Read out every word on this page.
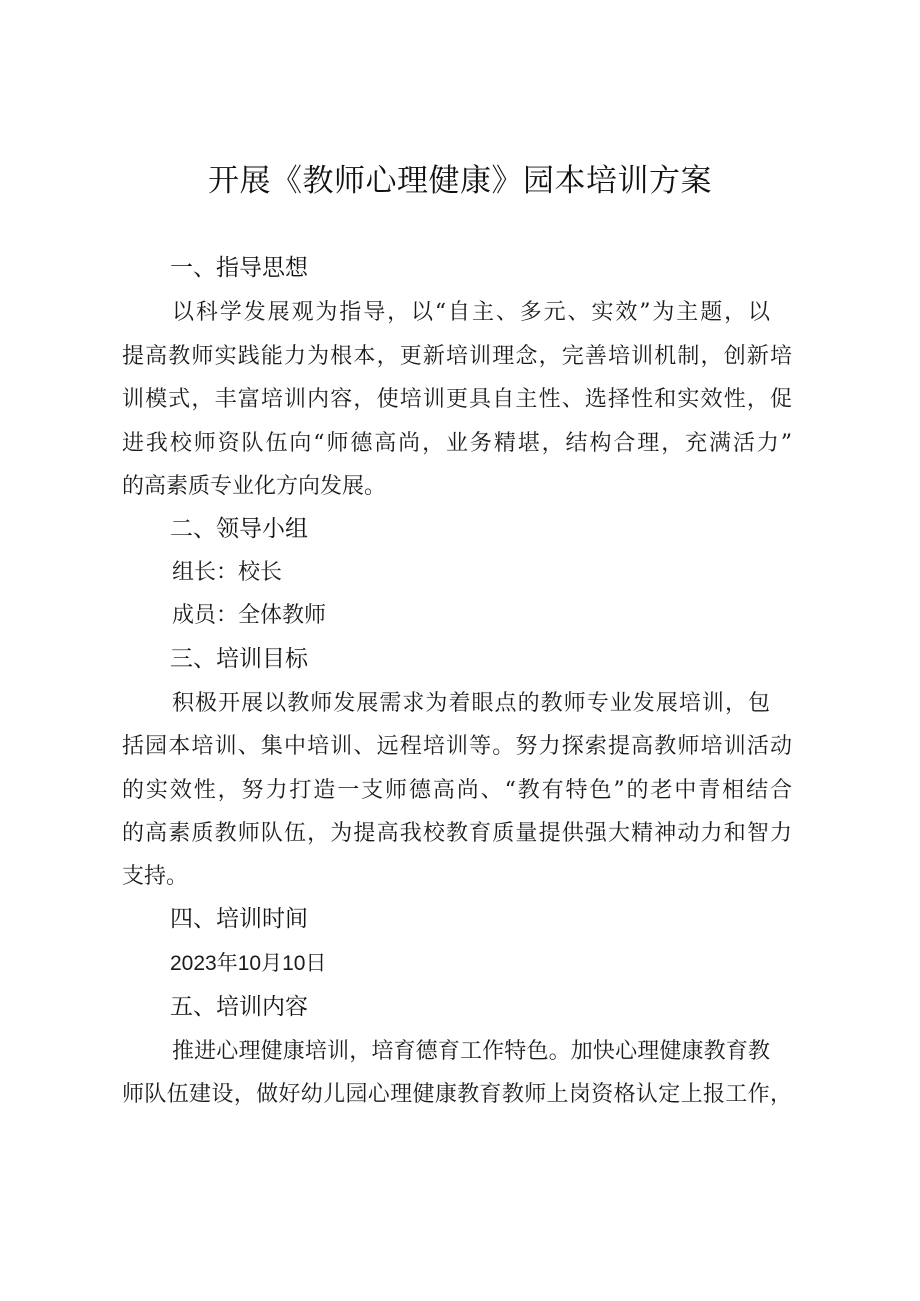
开展《教师心理健康》园本培训方案
一、指导思想
以科学发展观为指导，以“自主、多元、实效”为主题，以
提高教师实践能力为根本，更新培训理念，完善培训机制，创新培
训模式，丰富培训内容，使培训更具自主性、选择性和实效性，促
进我校师资队伍向“师德高尚，业务精堪，结构合理，充满活力”
的高素质专业化方向发展。
二、领导小组
组长：校长
成员：全体教师
三、培训目标
积极开展以教师发展需求为着眼点的教师专业发展培训，包
括园本培训、集中培训、远程培训等。努力探索提高教师培训活动
的实效性，努力打造一支师德高尚、“教有特色”的老中青相结合
的高素质教师队伍，为提高我校教育质量提供强大精神动力和智力
支持。
四、培训时间
2023年10月10日
五、培训内容
推进心理健康培训，培育德育工作特色。加快心理健康教育教
师队伍建设，做好幼儿园心理健康教育教师上岗资格认定上报工作，
